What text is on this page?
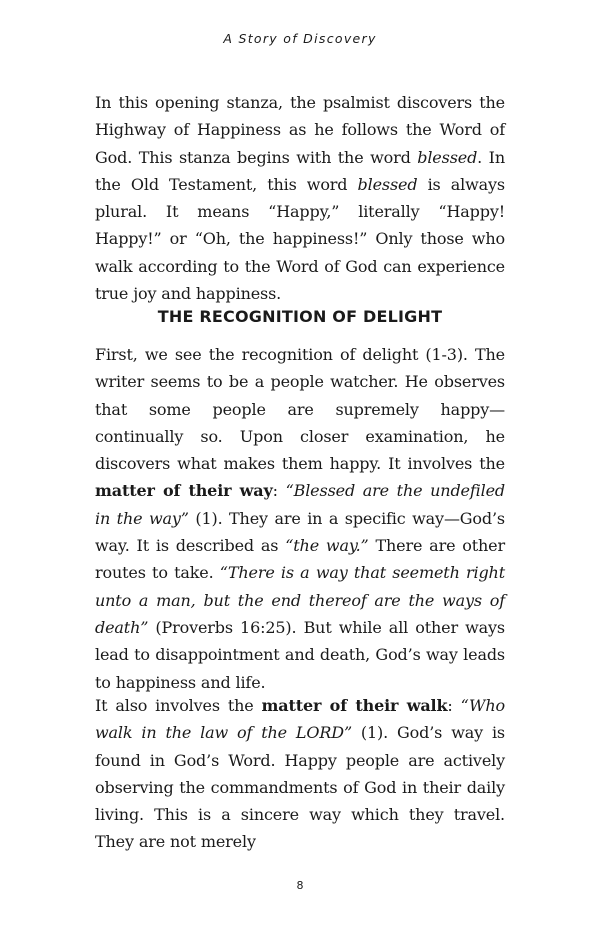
A Story of Discovery

In this opening stanza, the psalmist discovers the Highway of Happiness as he follows the Word of God. This stanza begins with the word blessed. In the Old Testament, this word blessed is always plural. It means “Happy,” literally “Happy! Happy!” or “Oh, the happiness!” Only those who walk according to the Word of God can experience true joy and happiness.

THE RECOGNITION OF DELIGHT

First, we see the recognition of delight (1-3). The writer seems to be a people watcher. He observes that some people are supremely happy—continually so. Upon closer examination, he discovers what makes them happy. It involves the matter of their way: “Blessed are the undefiled in the way” (1). They are in a specific way—God’s way. It is described as “the way.” There are other routes to take. “There is a way that seemeth right unto a man, but the end thereof are the ways of death” (Proverbs 16:25). But while all other ways lead to disappointment and death, God’s way leads to happiness and life.

It also involves the matter of their walk: “Who walk in the law of the LORD” (1). God’s way is found in God’s Word. Happy people are actively observing the commandments of God in their daily living. This is a sincere way which they travel. They are not merely

8
